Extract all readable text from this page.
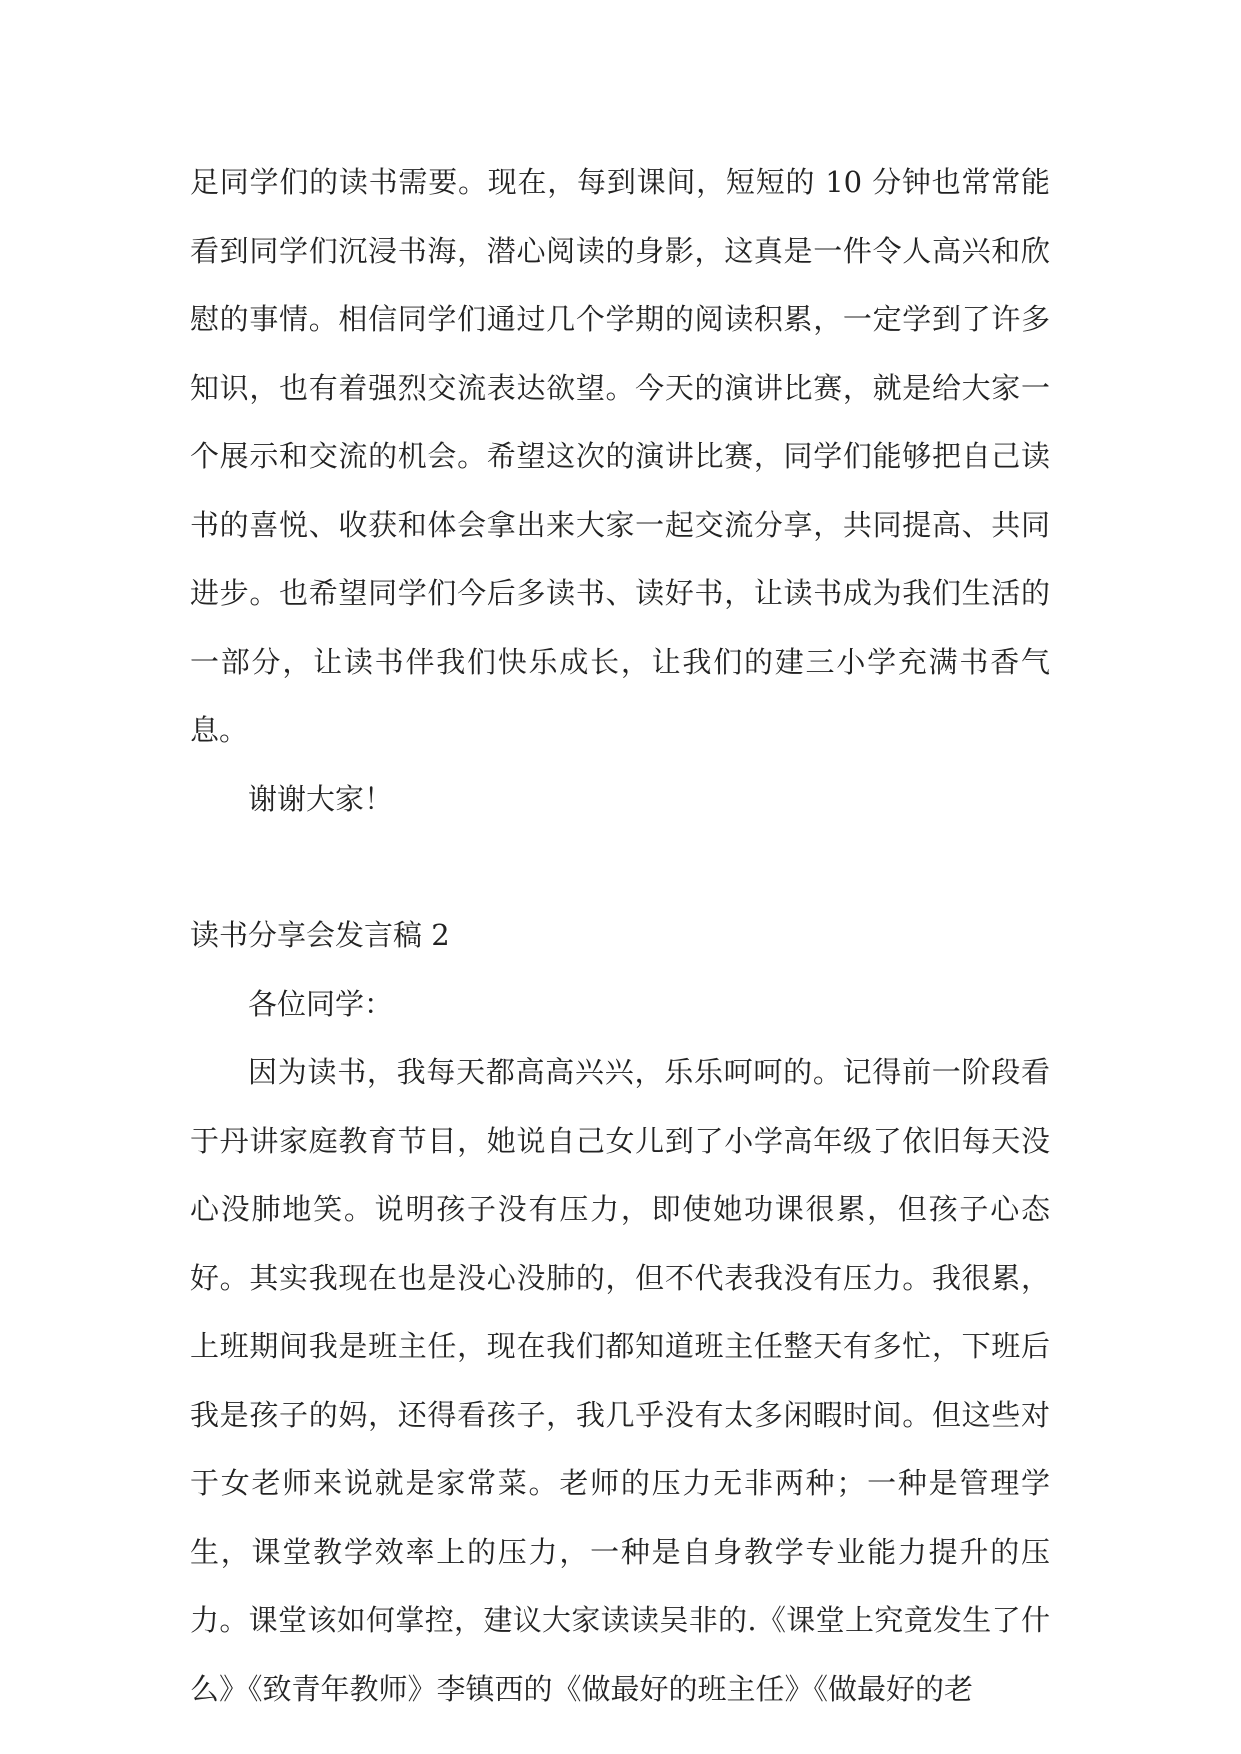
足同学们的读书需要。现在，每到课间，短短的 10 分钟也常常能看到同学们沉浸书海，潜心阅读的身影，这真是一件令人高兴和欣慰的事情。相信同学们通过几个学期的阅读积累，一定学到了许多知识，也有着强烈交流表达欲望。今天的演讲比赛，就是给大家一个展示和交流的机会。希望这次的演讲比赛，同学们能够把自己读书的喜悦、收获和体会拿出来大家一起交流分享，共同提高、共同进步。也希望同学们今后多读书、读好书，让读书成为我们生活的一部分，让读书伴我们快乐成长，让我们的建三小学充满书香气息。

谢谢大家！

读书分享会发言稿 2

各位同学：

因为读书，我每天都高高兴兴，乐乐呵呵的。记得前一阶段看于丹讲家庭教育节目，她说自己女儿到了小学高年级了依旧每天没心没肺地笑。说明孩子没有压力，即使她功课很累，但孩子心态好。其实我现在也是没心没肺的，但不代表我没有压力。我很累，上班期间我是班主任，现在我们都知道班主任整天有多忙，下班后我是孩子的妈，还得看孩子，我几乎没有太多闲暇时间。但这些对于女老师来说就是家常菜。老师的压力无非两种；一种是管理学生，课堂教学效率上的压力，一种是自身教学专业能力提升的压力。课堂该如何掌控，建议大家读读吴非的.《课堂上究竟发生了什么》《致青年教师》李镇西的《做最好的班主任》《做最好的老
